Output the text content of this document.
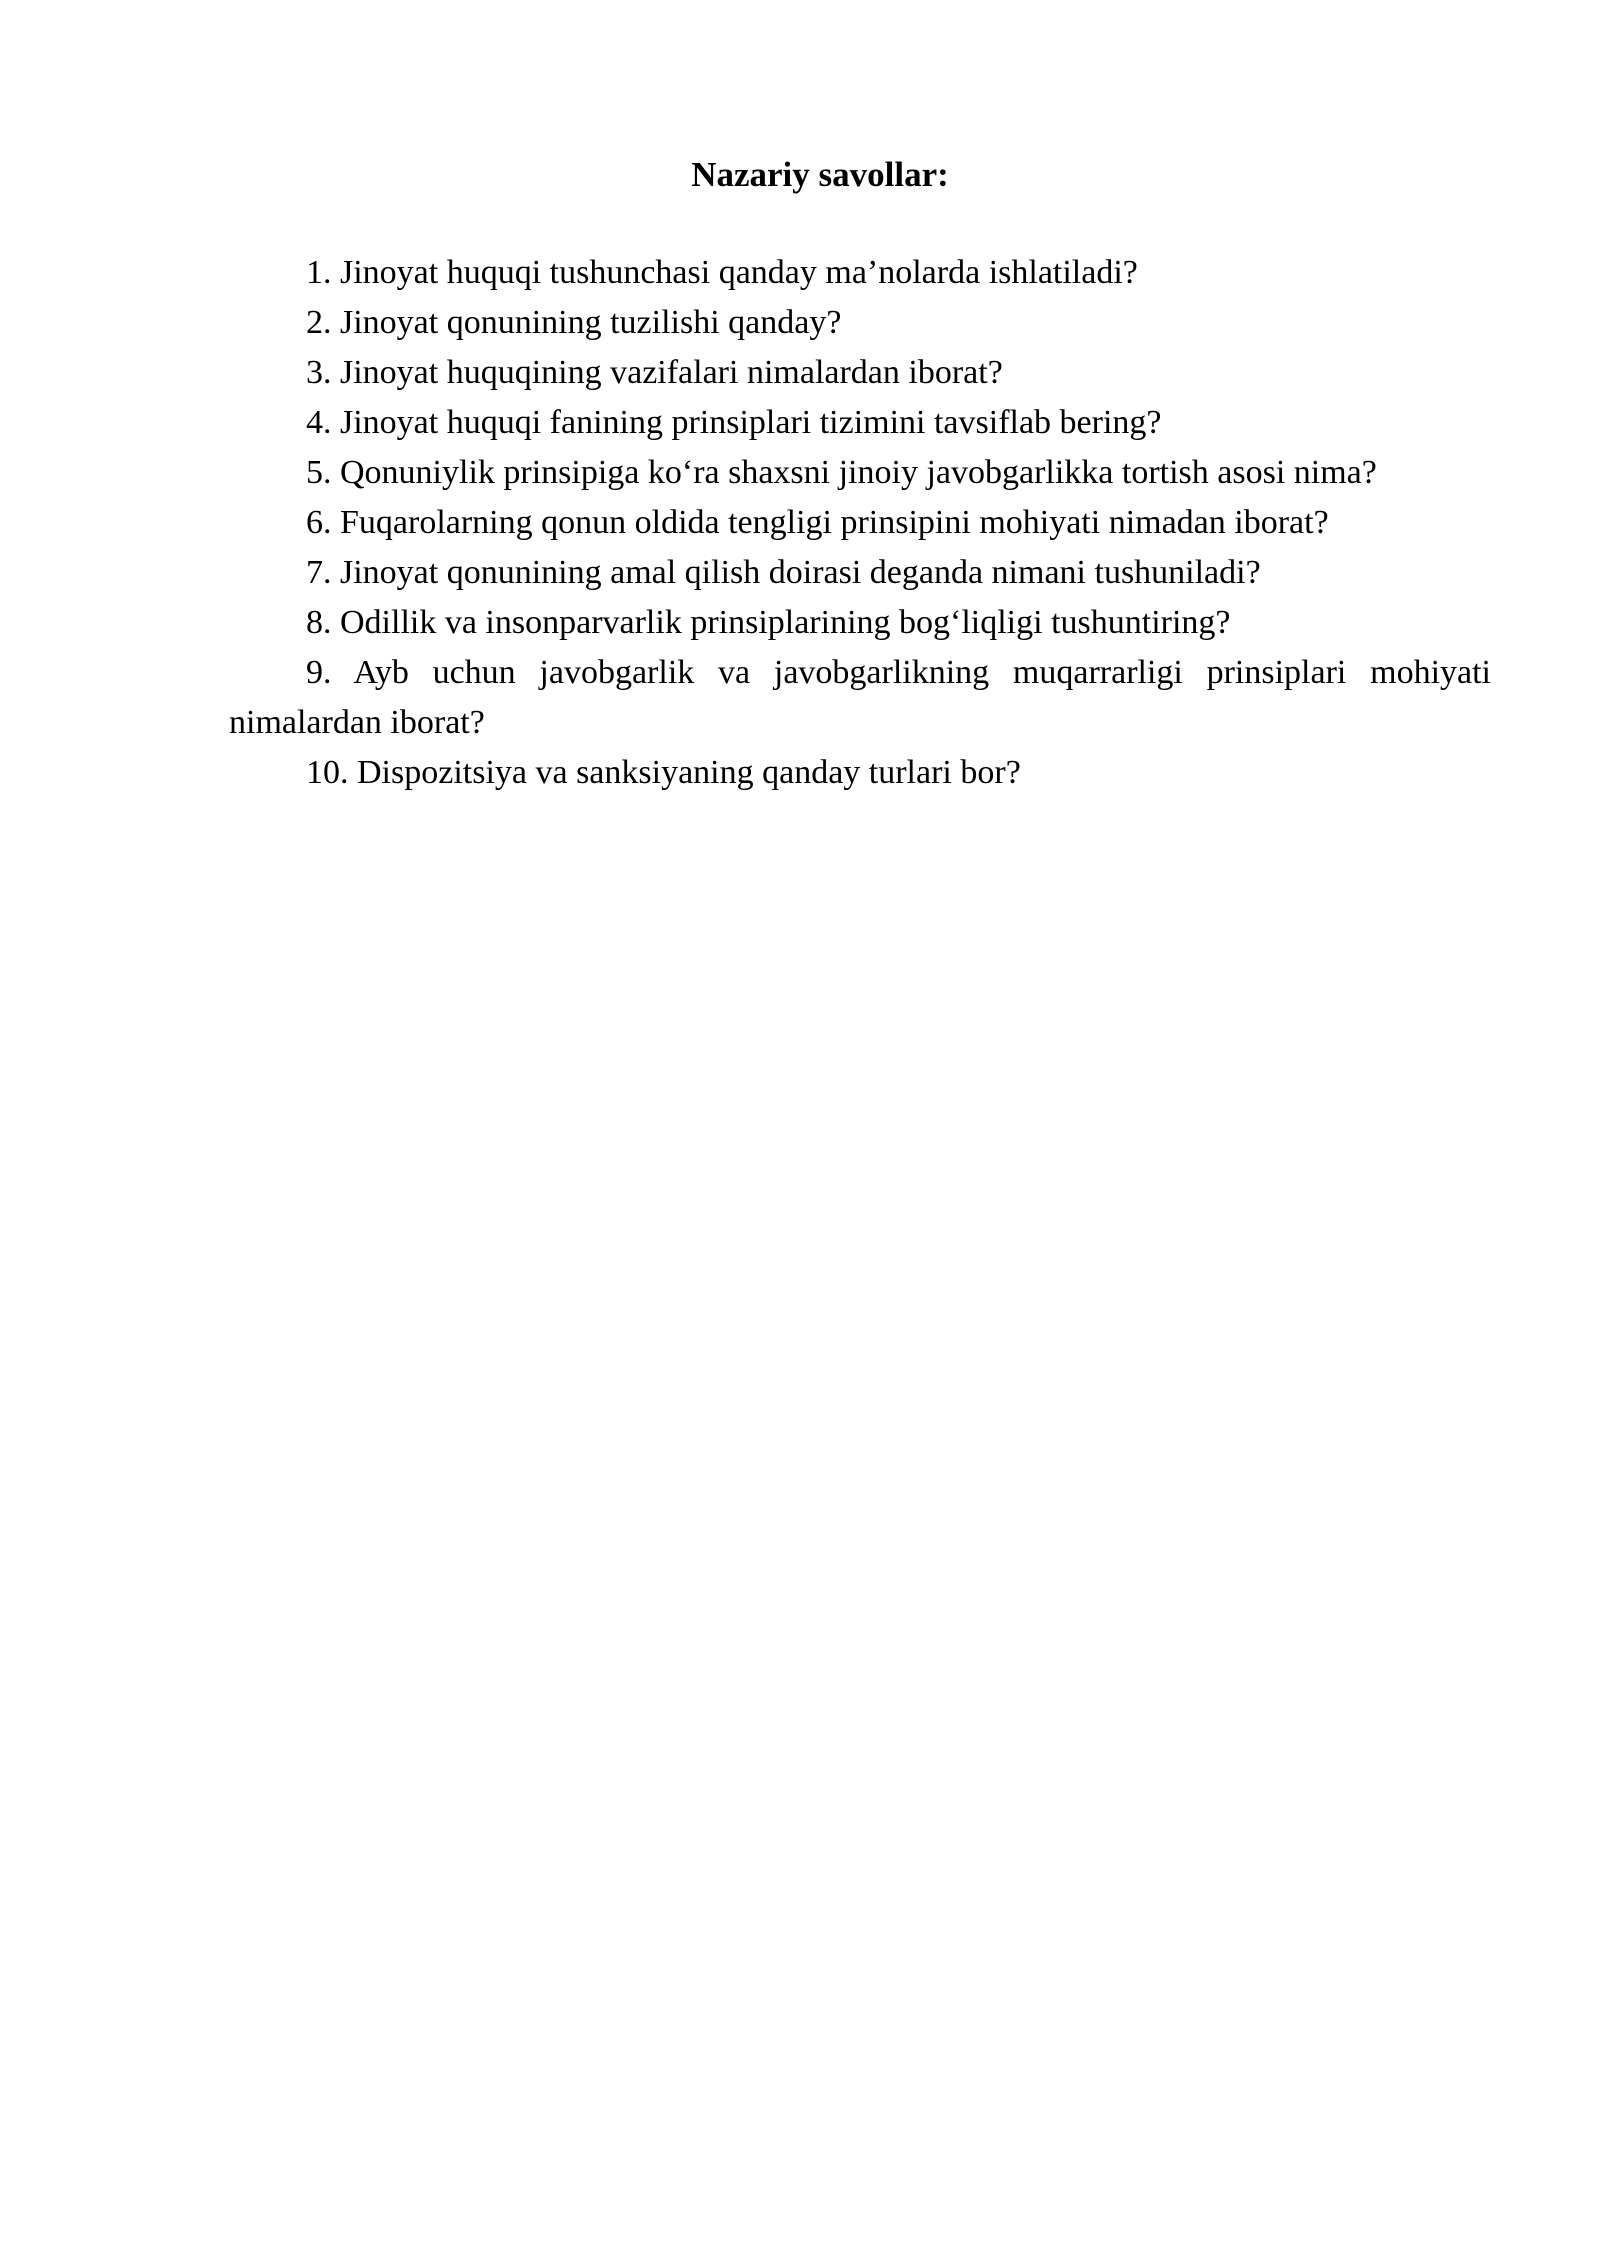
Nazariy savollar:

1. Jinoyat huquqi tushunchasi qanday ma’nolarda ishlatiladi?

2. Jinoyat qonunining tuzilishi qanday?

3. Jinoyat huquqining vazifalari nimalardan iborat?

4. Jinoyat huquqi fanining prinsiplari tizimini tavsiflab bering?

5. Qonuniylik prinsipiga ko‘ra shaxsni jinoiy javobgarlikka tortish asosi nima?

6. Fuqarolarning qonun oldida tengligi prinsipini mohiyati nimadan iborat?

7. Jinoyat qonunining amal qilish doirasi deganda nimani tushuniladi?

8. Odillik va insonparvarlik prinsiplarining bog‘liqligi tushuntiring?

9. Ayb uchun javobgarlik va javobgarlikning muqarrarligi prinsiplari mohiyati nimalardan iborat?

10. Dispozitsiya va sanksiyaning qanday turlari bor?
